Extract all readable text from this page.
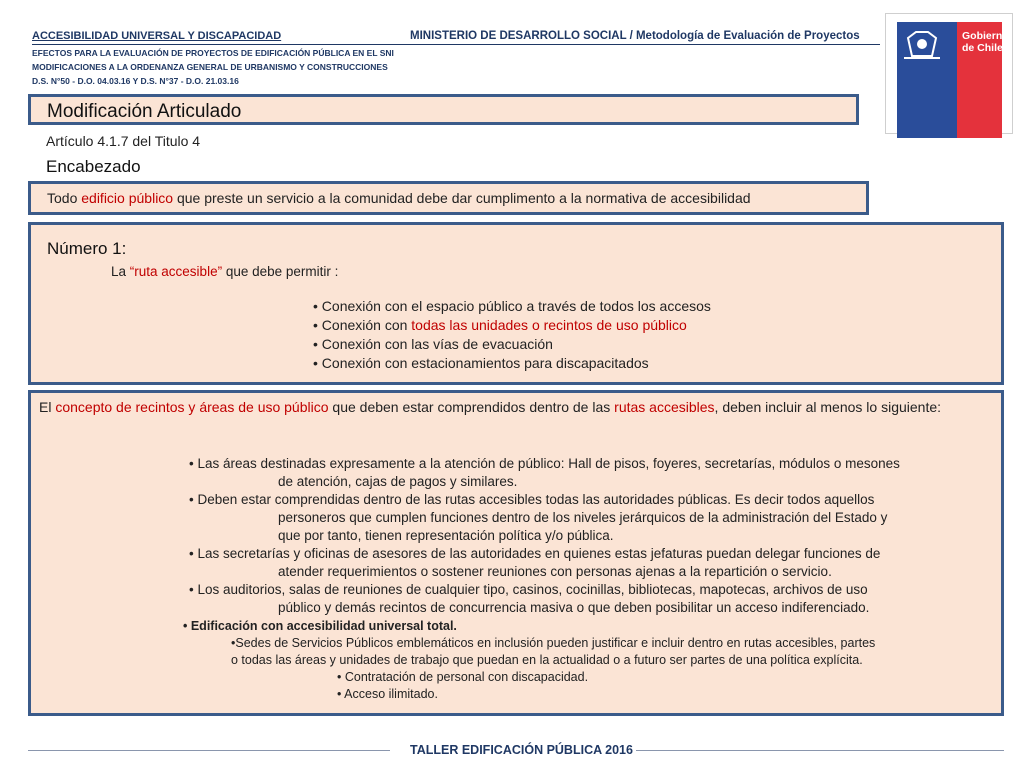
ACCESIBILIDAD UNIVERSAL Y DISCAPACIDAD
EFECTOS PARA LA EVALUACIÓN DE PROYECTOS DE EDIFICACIÓN PÚBLICA EN EL SNI
MODIFICACIONES A LA ORDENANZA GENERAL DE URBANISMO Y CONSTRUCCIONES
D.S. N°50 - D.O. 04.03.16 Y D.S. N°37 - D.O. 21.03.16
MINISTERIO DE DESARROLLO SOCIAL / Metodología de Evaluación de Proyectos	Gobierno
de Chile
Modificación Articulado
Artículo 4.1.7 del Titulo 4
Encabezado
Todo edificio público que preste un servicio a la comunidad debe dar cumplimento a la normativa de accesibilidad
Número 1:
La “ruta accesible” que debe permitir :
• Conexión con el espacio público a través de todos los accesos
• Conexión con todas las unidades o recintos de uso público
• Conexión con las vías de evacuación
• Conexión con estacionamientos para discapacitados
El concepto de recintos y áreas de uso público que deben estar comprendidos dentro de las rutas accesibles, deben incluir al menos lo siguiente:
• Las áreas destinadas expresamente a la atención de público: Hall de pisos, foyeres, secretarías, módulos o mesones
de atención, cajas de pagos y similares.
• Deben estar comprendidas dentro de las rutas accesibles todas las autoridades públicas. Es decir todos aquellos
personeros que cumplen funciones dentro de los niveles jerárquicos de la administración del Estado y
que por tanto, tienen representación política y/o pública.
• Las secretarías y oficinas de asesores de las autoridades en quienes estas jefaturas puedan delegar funciones de
atender requerimientos o sostener reuniones con personas ajenas a la repartición o servicio.
• Los auditorios, salas de reuniones de cualquier tipo, casinos, cocinillas, bibliotecas, mapotecas, archivos de uso
público y demás recintos de concurrencia masiva o que deben posibilitar un acceso indiferenciado.
• Edificación con accesibilidad universal total.
•Sedes de Servicios Públicos emblemáticos en inclusión pueden justificar e incluir dentro en rutas accesibles, partes
o todas las áreas y unidades de trabajo que puedan en la actualidad o a futuro ser partes de una política explícita.
• Contratación de personal con discapacidad.
• Acceso ilimitado.
TALLER EDIFICACIÓN PÚBLICA 2016
